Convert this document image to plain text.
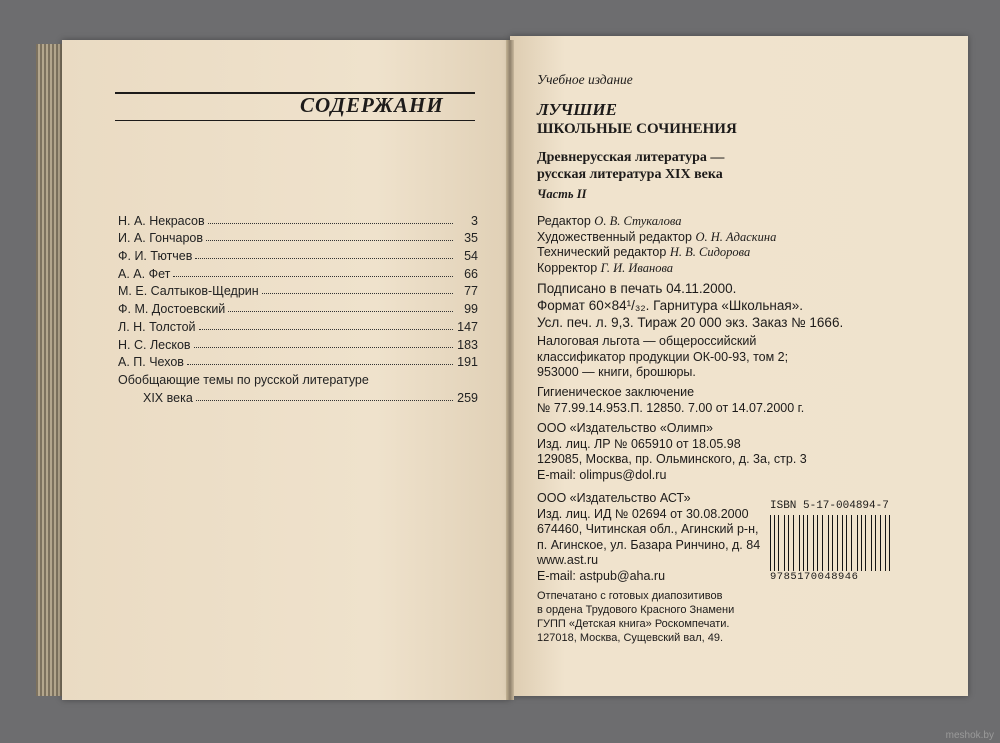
СОДЕРЖАНИ
Н. А. Некрасов	3
И. А. Гончаров	35
Ф. И. Тютчев	54
А. А. Фет	66
М. Е. Салтыков-Щедрин	77
Ф. М. Достоевский	99
Л. Н. Толстой	147
Н. С. Лесков	183
А. П. Чехов	191
Обобщающие темы по русской литературе
XIX века	259
Учебное издание
ЛУЧШИЕ
ШКОЛЬНЫЕ СОЧИНЕНИЯ
Древнерусская литература —
русская литература XIX века
Часть II
Редактор О. В. Стукалова
Художественный редактор О. Н. Адаскина
Технический редактор Н. В. Сидорова
Корректор Г. И. Иванова
Подписано в печать 04.11.2000.
Формат 60×84¹/₃₂. Гарнитура «Школьная».
Усл. печ. л. 9,3. Тираж 20 000 экз. Заказ № 1666.
Налоговая льгота — общероссийский
классификатор продукции ОК-00-93, том 2;
953000 — книги, брошюры.
Гигиеническое заключение
№ 77.99.14.953.П. 12850. 7.00 от 14.07.2000 г.
ООО «Издательство «Олимп»
Изд. лиц. ЛР № 065910 от 18.05.98
129085, Москва, пр. Ольминского, д. 3а, стр. 3
E-mail: olimpus@dol.ru
ООО «Издательство АСТ»
Изд. лиц. ИД № 02694 от 30.08.2000
674460, Читинская обл., Агинский р-н,
п. Агинское, ул. Базара Ринчино, д. 84
www.ast.ru
E-mail: astpub@aha.ru
Отпечатано с готовых диапозитивов
в ордена Трудового Красного Знамени
ГУПП «Детская книга» Роскомпечати.
127018, Москва, Сущевский вал, 49.
ISBN 5-17-004894-7
9785170048946
meshok.by
